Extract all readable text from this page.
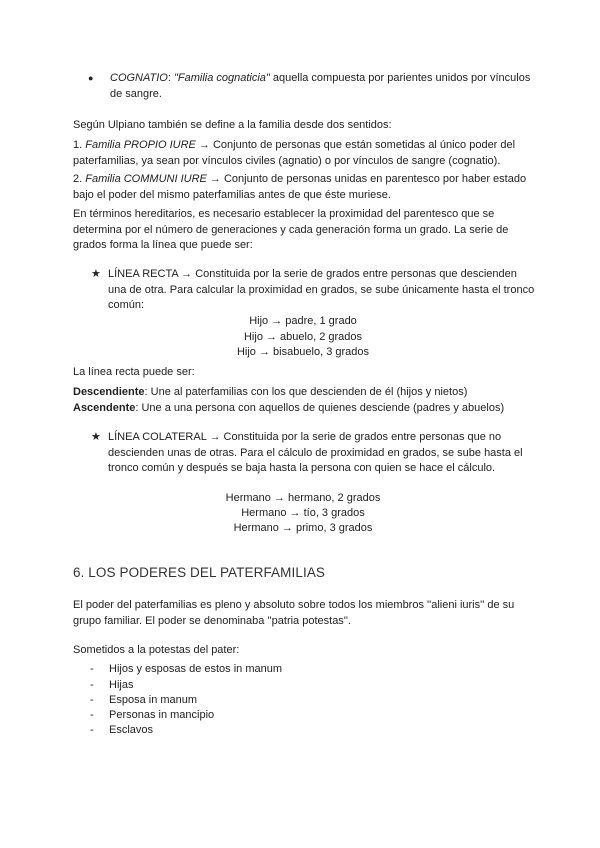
●	COGNATIO: "Familia cognaticia" aquella compuesta por parientes unidos por vínculos de sangre.

Según Ulpiano también se define a la familia desde dos sentidos:

1. Familia PROPIO IURE → Conjunto de personas que están sometidas al único poder del paterfamilias, ya sean por vínculos civiles (agnatio) o por vínculos de sangre (cognatio).

2. Familia COMMUNI IURE → Conjunto de personas unidas en parentesco por haber estado bajo el poder del mismo paterfamilias antes de que éste muriese.

En términos hereditarios, es necesario establecer la proximidad del parentesco que se determina por el número de generaciones y cada generación forma un grado. La serie de grados forma la línea que puede ser:

★ LÍNEA RECTA → Constituida por la serie de grados entre personas que descienden una de otra. Para calcular la proximidad en grados, se sube únicamente hasta el tronco común:

Hijo → padre, 1 grado

Hijo → abuelo, 2 grados

Hijo → bisabuelo, 3 grados

La línea recta puede ser:

Descendiente: Une al paterfamilias con los que descienden de él (hijos y nietos)

Ascendente: Une a una persona con aquellos de quienes desciende (padres y abuelos)

★ LÍNEA COLATERAL → Constituida por la serie de grados entre personas que no descienden unas de otras. Para el cálculo de proximidad en grados, se sube hasta el tronco común y después se baja hasta la persona con quien se hace el cálculo.

Hermano → hermano, 2 grados

Hermano → tío, 3 grados

Hermano → primo, 3 grados

6. LOS PODERES DEL PATERFAMILIAS

El poder del paterfamilias es pleno y absoluto sobre todos los miembros ''alieni iuris'' de su grupo familiar. El poder se denominaba ''patria potestas''.

Sometidos a la potestas del pater:

- Hijos y esposas de estos in manum
- Hijas
- Esposa in manum
- Personas in mancipio
- Esclavos
